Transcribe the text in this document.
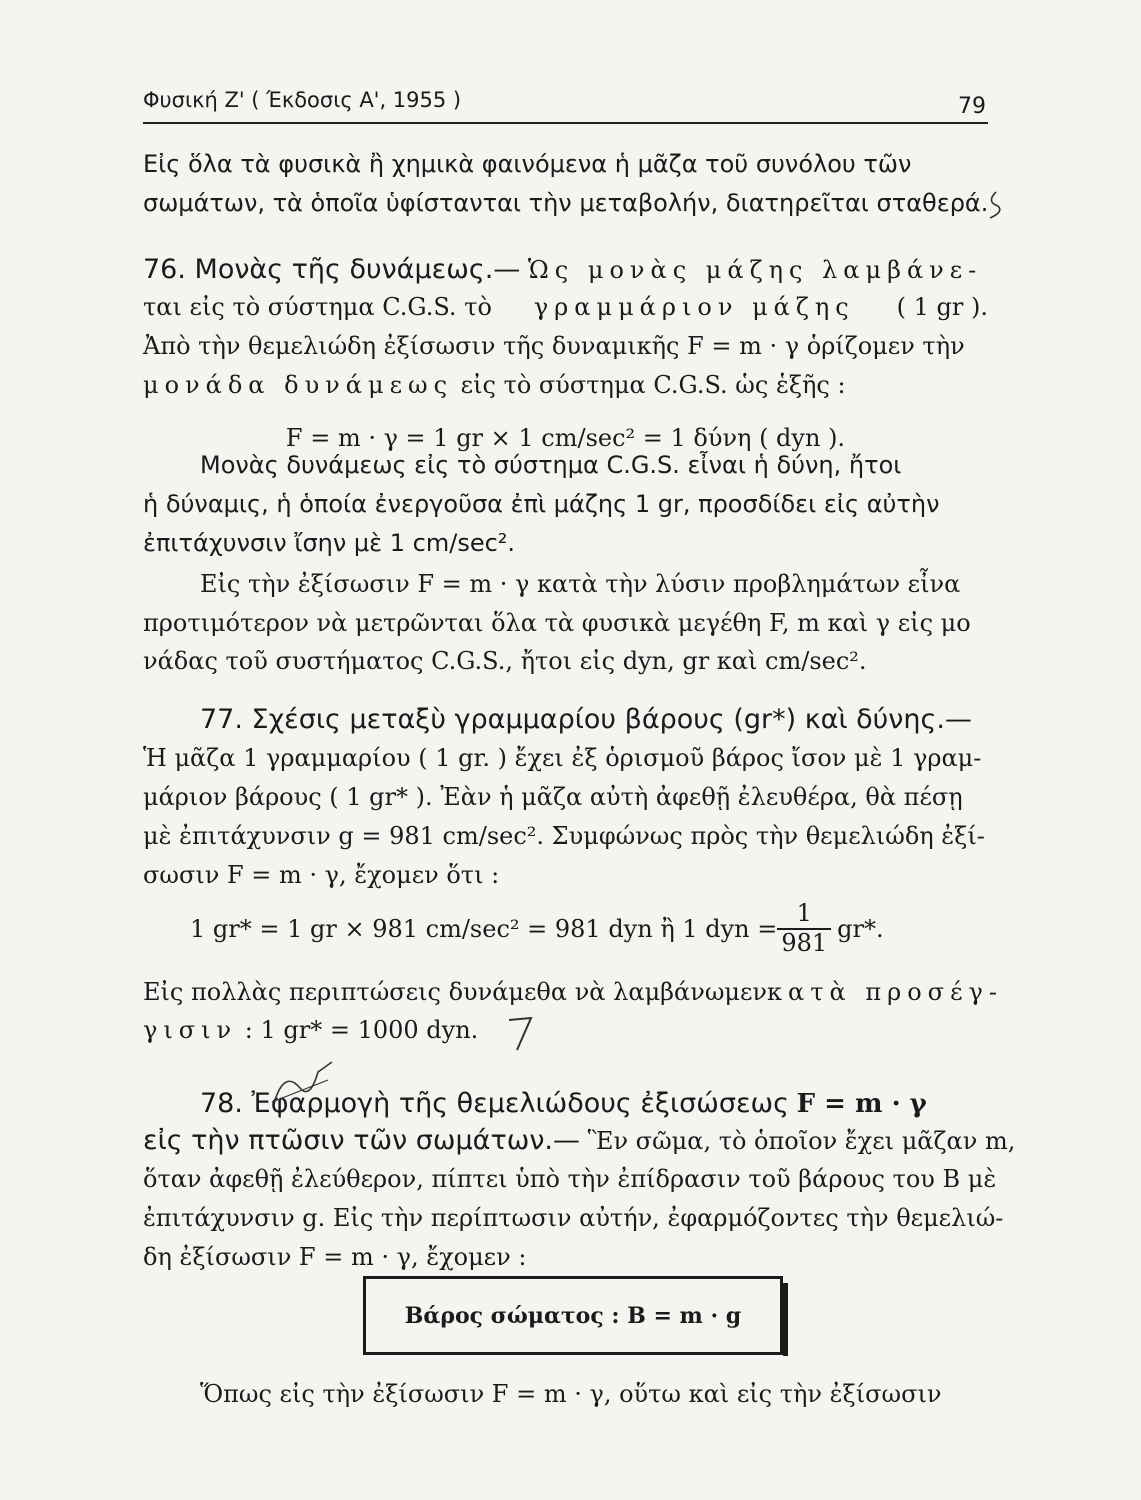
Φυσική Ζ' ( Έκδοσις Α', 1955 )	79
Εἰς ὅλα τὰ φυσικὰ ἢ χημικὰ φαινόμενα ἡ μᾶζα τοῦ συνόλου τῶν
σωμάτων, τὰ ὁποῖα ὑφίστανται τὴν μεταβολήν, διατηρεῖται σταθερά.
76. Μονὰς τῆς δυνάμεως.— Ὡς μονὰς μάζης λαμβάνε-
ται εἰς τὸ σύστημα C.G.S. τὸ γραμμάριον μάζης ( 1 gr ).
Ἀπὸ τὴν θεμελιώδη ἐξίσωσιν τῆς δυναμικῆς F = m · γ ὁρίζομεν τὴν
μονάδα δυνάμεως εἰς τὸ σύστημα C.G.S. ὡς ἑξῆς :
F = m · γ = 1 gr × 1 cm/sec² = 1 δύνη ( dyn ).
Μονὰς δυνάμεως εἰς τὸ σύστημα C.G.S. εἶναι ἡ δύνη, ἤτοι
ἡ δύναμις, ἡ ὁποία ἐνεργοῦσα ἐπὶ μάζης 1 gr, προσδίδει εἰς αὐτὴν
ἐπιτάχυνσιν ἴσην μὲ 1 cm/sec².
Εἰς τὴν ἐξίσωσιν F = m · γ κατὰ τὴν λύσιν προβλημάτων εἶνα
προτιμότερον νὰ μετρῶνται ὅλα τὰ φυσικὰ μεγέθη F, m καὶ γ εἰς μο
νάδας τοῦ συστήματος C.G.S., ἤτοι εἰς dyn, gr καὶ cm/sec².
77. Σχέσις μεταξὺ γραμμαρίου βάρους (gr*) καὶ δύνης.—
Ἡ μᾶζα 1 γραμμαρίου ( 1 gr. ) ἔχει ἐξ ὁρισμοῦ βάρος ἴσον μὲ 1 γραμ-
μάριον βάρους ( 1 gr* ). Ἐὰν ἡ μᾶζα αὐτὴ ἀφεθῇ ἐλευθέρα, θὰ πέσῃ
μὲ ἐπιτάχυνσιν g = 981 cm/sec². Συμφώνως πρὸς τὴν θεμελιώδη ἐξί-
σωσιν F = m · γ, ἔχομεν ὅτι :
1 gr* = 1 gr × 981 cm/sec² = 981 dyn ἢ 1 dyn = $\frac{1}{981} gr*$.
Εἰς πολλὰς περιπτώσεις δυνάμεθα νὰ λαμβάνωμεν κατὰ προσέγ-
γισιν : 1 gr* = 1000 dyn.
78. Ἐφαρμογὴ τῆς θεμελιώδους ἐξισώσεως F = m · γ
εἰς τὴν πτῶσιν τῶν σωμάτων.— Ἓν σῶμα, τὸ ὁποῖον ἔχει μᾶζαν m,
ὅταν ἀφεθῇ ἐλεύθερον, πίπτει ὑπὸ τὴν ἐπίδρασιν τοῦ βάρους του Β μὲ
ἐπιτάχυνσιν g. Εἰς τὴν περίπτωσιν αὐτήν, ἐφαρμόζοντες τὴν θεμελιώ-
δη ἐξίσωσιν F = m · γ, ἔχομεν :
Βάρος σώματος : B = m · g
Ὅπως εἰς τὴν ἐξίσωσιν F = m · γ, οὕτω καὶ εἰς τὴν ἐξίσωσιν
